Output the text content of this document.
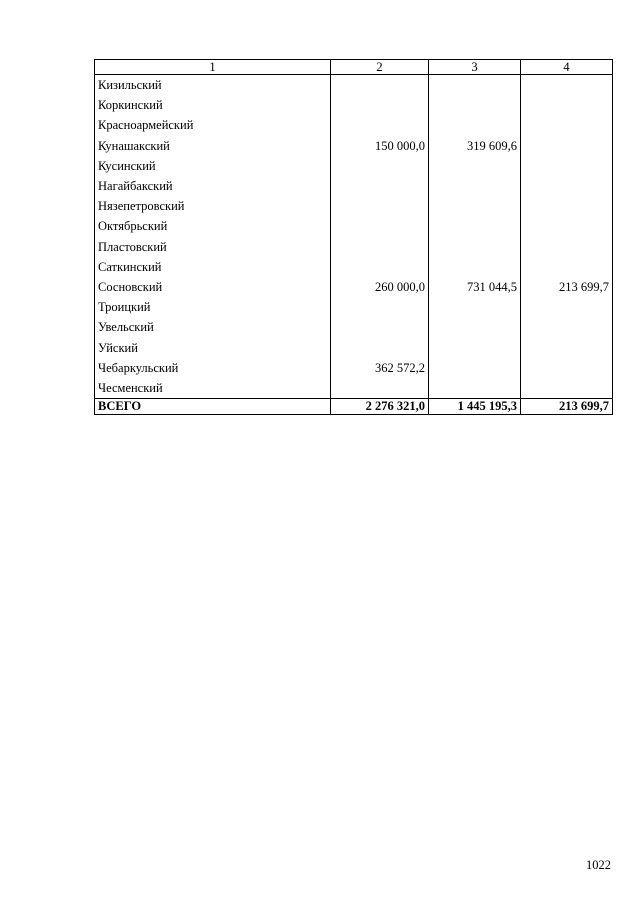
1	2	3	4
Кизильский			
Коркинский			
Красноармейский			
Кунашакский	150 000,0	319 609,6	
Кусинский			
Нагайбакский			
Нязепетровский			
Октябрьский			
Пластовский			
Саткинский			
Сосновский	260 000,0	731 044,5	213 699,7
Троицкий			
Увельский			
Уйский			
Чебаркульский	362 572,2		
Чесменский			
ВСЕГО	2 276 321,0	1 445 195,3	213 699,7
1022
